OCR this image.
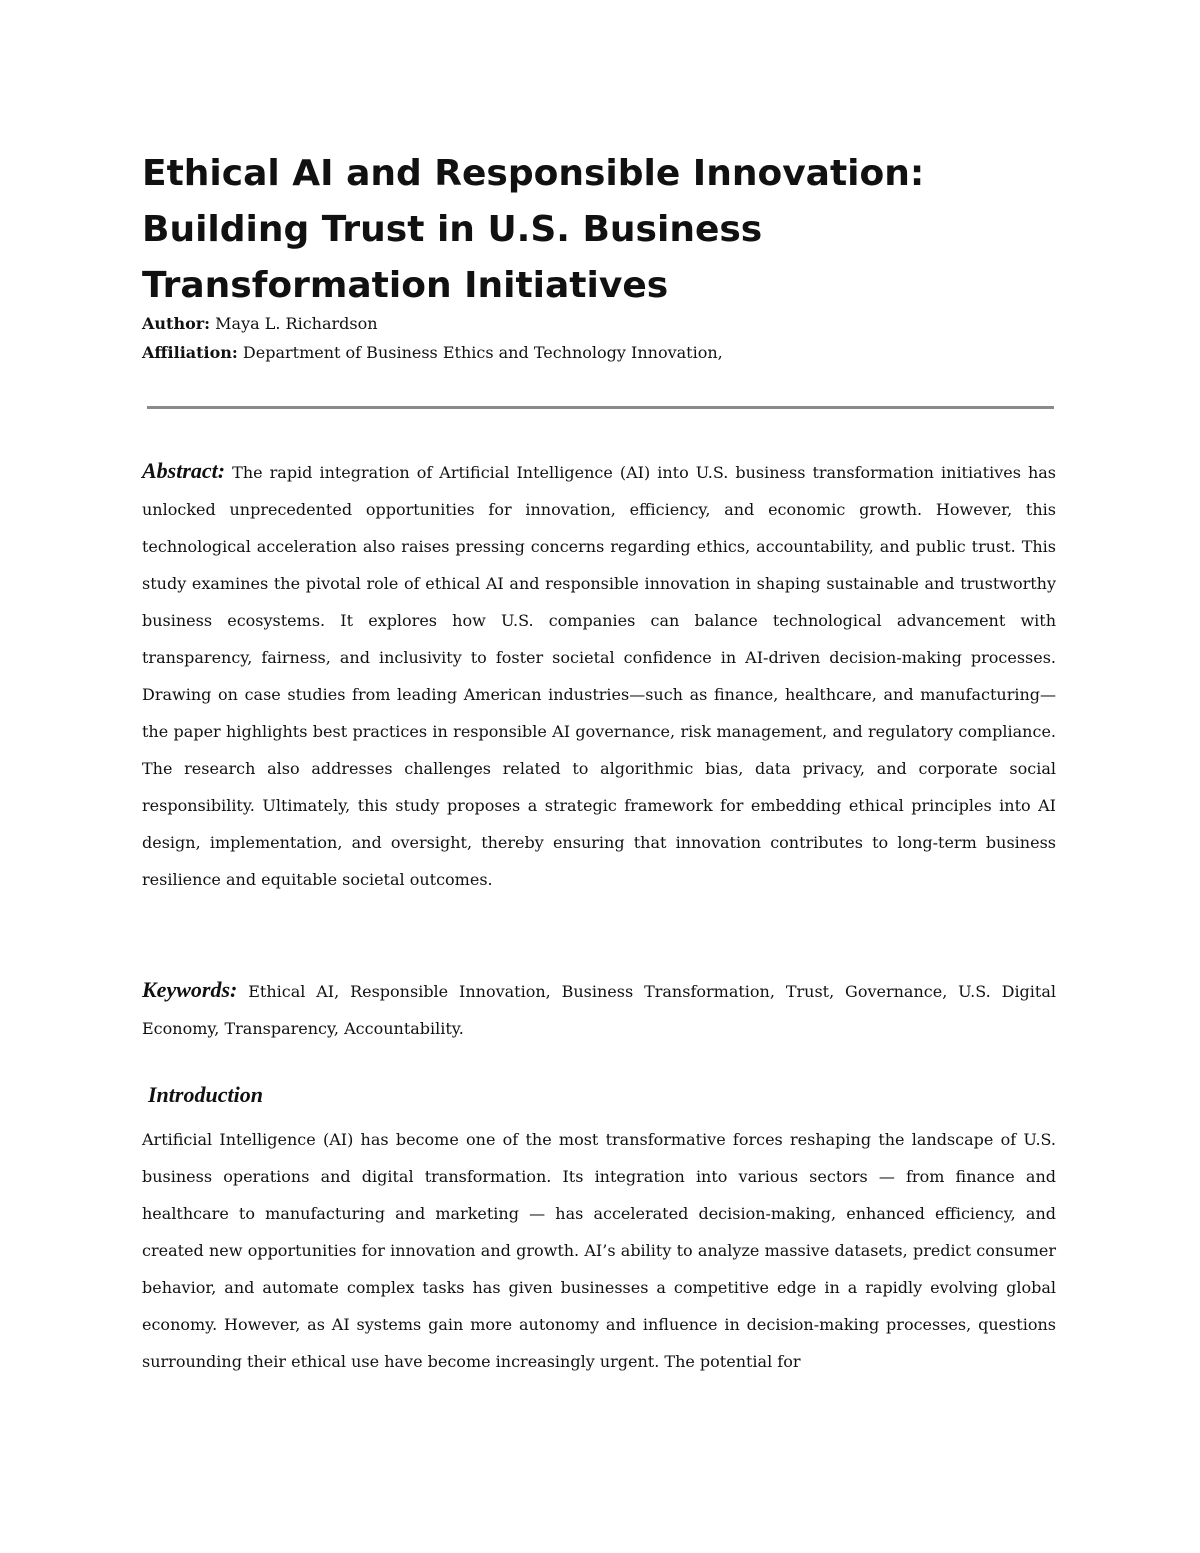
Ethical AI and Responsible Innovation: Building Trust in U.S. Business Transformation Initiatives
Author: Maya L. Richardson
Affiliation: Department of Business Ethics and Technology Innovation,

Abstract: The rapid integration of Artificial Intelligence (AI) into U.S. business transformation initiatives has unlocked unprecedented opportunities for innovation, efficiency, and economic growth. However, this technological acceleration also raises pressing concerns regarding ethics, accountability, and public trust. This study examines the pivotal role of ethical AI and responsible innovation in shaping sustainable and trustworthy business ecosystems. It explores how U.S. companies can balance technological advancement with transparency, fairness, and inclusivity to foster societal confidence in AI-driven decision-making processes. Drawing on case studies from leading American industries—such as finance, healthcare, and manufacturing—the paper highlights best practices in responsible AI governance, risk management, and regulatory compliance. The research also addresses challenges related to algorithmic bias, data privacy, and corporate social responsibility. Ultimately, this study proposes a strategic framework for embedding ethical principles into AI design, implementation, and oversight, thereby ensuring that innovation contributes to long-term business resilience and equitable societal outcomes.

Keywords: Ethical AI, Responsible Innovation, Business Transformation, Trust, Governance, U.S. Digital Economy, Transparency, Accountability.

Introduction

Artificial Intelligence (AI) has become one of the most transformative forces reshaping the landscape of U.S. business operations and digital transformation. Its integration into various sectors — from finance and healthcare to manufacturing and marketing — has accelerated decision-making, enhanced efficiency, and created new opportunities for innovation and growth. AI’s ability to analyze massive datasets, predict consumer behavior, and automate complex tasks has given businesses a competitive edge in a rapidly evolving global economy. However, as AI systems gain more autonomy and influence in decision-making processes, questions surrounding their ethical use have become increasingly urgent. The potential for
